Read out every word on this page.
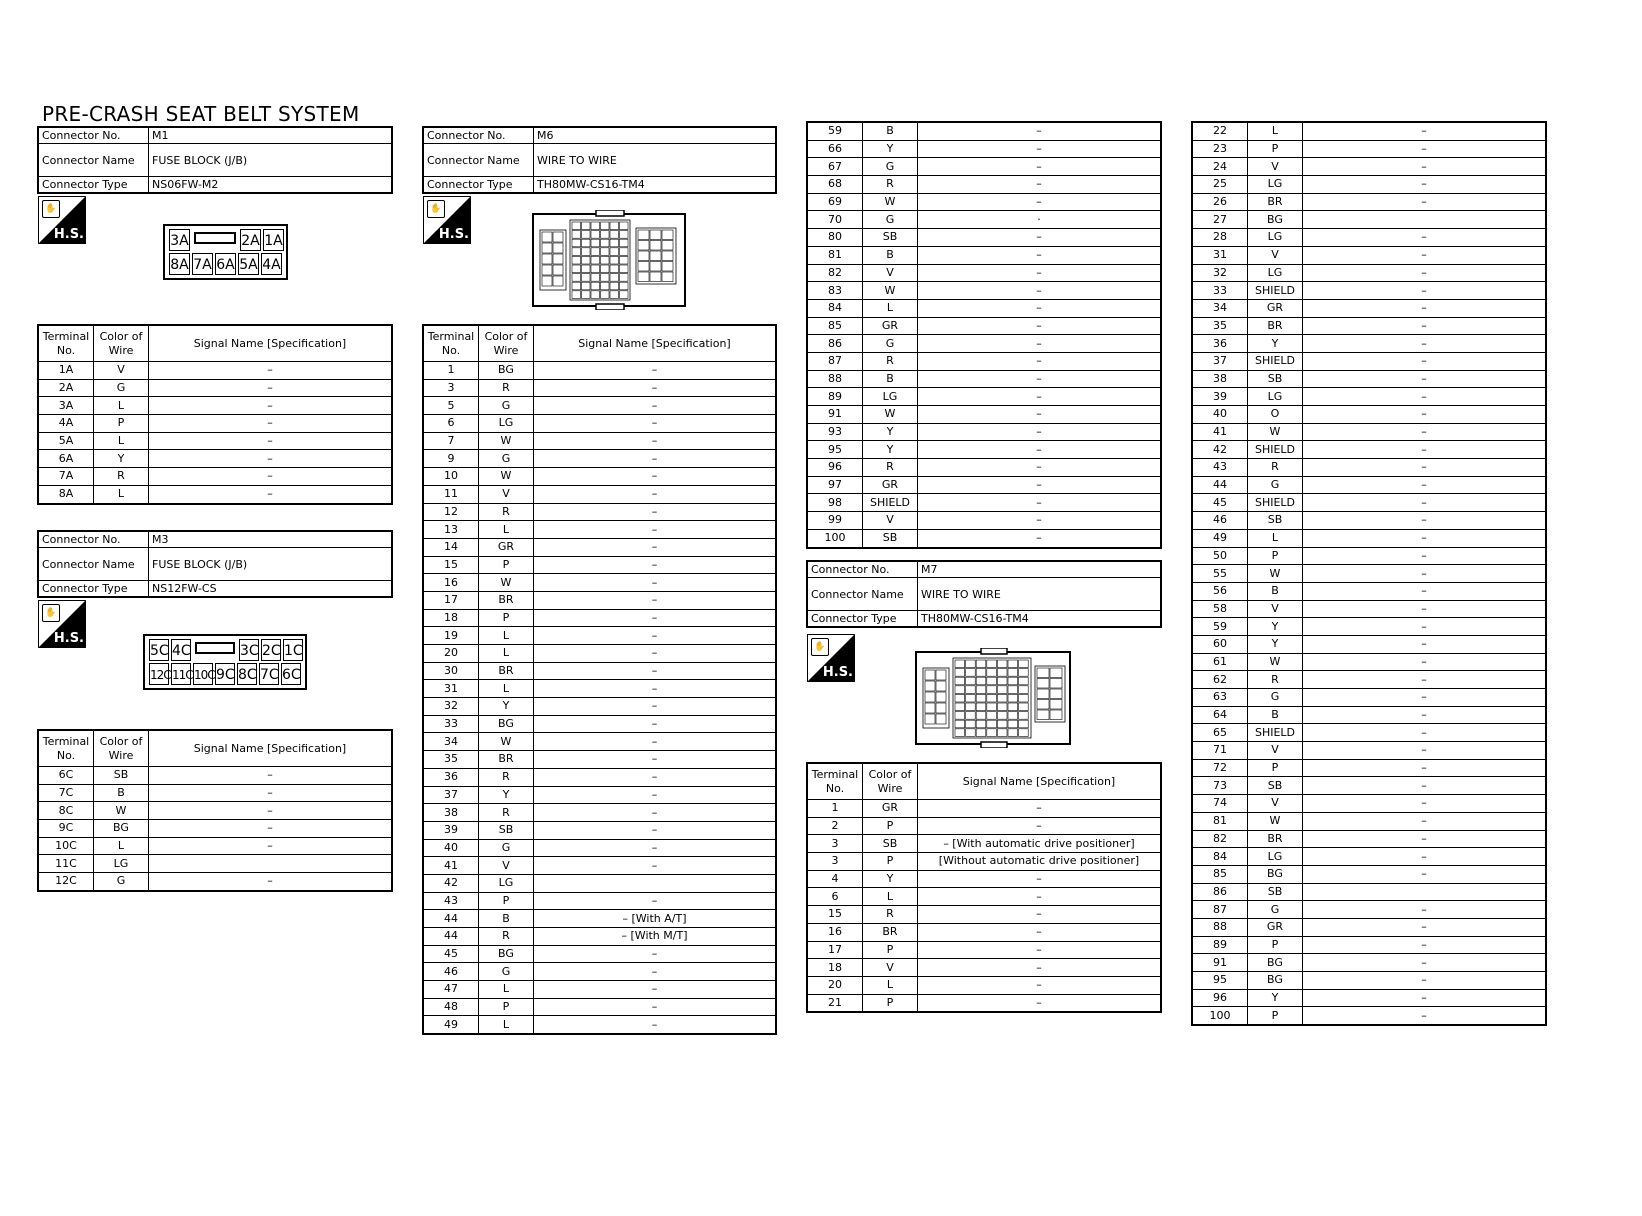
PRE-CRASH SEAT BELT SYSTEM
Connector No.	M1
Connector Name	FUSE BLOCK (J/B)
Connector Type	NS06FW-M2
✋
H.S.	3A	2A 1A
8A 7A 6A 5A 4A
Terminal No.	Color of Wire	Signal Name [Specification]
1A	V	–
2A	G	–
3A	L	–
4A	P	–
5A	L	–
6A	Y	–
7A	R	–
8A	L	–
Connector No.	M3
Connector Name	FUSE BLOCK (J/B)
Connector Type	NS12FW-CS
✋
H.S.
5C 4C	3C 2C 1C
12C 11C 10C 9C 8C 7C 6C
Terminal No.	Color of Wire	Signal Name [Specification]
6C	SB	–
7C	B	–
8C	W	–
9C	BG	–
10C	L	–
11C	LG	
12C	G	–
Connector No.	M6
Connector Name	WIRE TO WIRE
Connector Type	TH80MW-CS16-TM4
✋
H.S.
Terminal No.	Color of Wire	Signal Name [Specification]
1	BG	–
3	R	–
5	G	–
6	LG	–
7	W	–
9	G	–
10	W	–
11	V	–
12	R	–
13	L	–
14	GR	–
15	P	–
16	W	–
17	BR	–
18	P	–
19	L	–
20	L	–
30	BR	–
31	L	–
32	Y	–
33	BG	–
34	W	–
35	BR	–
36	R	–
37	Y	–
38	R	–
39	SB	–
40	G	–
41	V	–
42	LG	
43	P	–
44	B	– [With A/T]
44	R	– [With M/T]
45	BG	–
46	G	–
47	L	–
48	P	–
49	L	–
59	B	–
66	Y	–
67	G	–
68	R	–
69	W	–
70	G	·
80	SB	–
81	B	–
82	V	–
83	W	–
84	L	–
85	GR	–
86	G	–
87	R	–
88	B	–
89	LG	–
91	W	–
93	Y	–
95	Y	–
96	R	–
97	GR	–
98	SHIELD	–
99	V	–
100	SB	–
Connector No.	M7
Connector Name	WIRE TO WIRE
Connector Type	TH80MW-CS16-TM4
✋
H.S.
Terminal No.	Color of Wire	Signal Name [Specification]
1	GR	–
2	P	–
3	SB	– [With automatic drive positioner]
3	P	[Without automatic drive positioner]
4	Y	–
6	L	–
15	R	–
16	BR	–
17	P	–
18	V	–
20	L	–
21	P	–
22	L	–
23	P	–
24	V	–
25	LG	–
26	BR	–
27	BG	
28	LG	–
31	V	–
32	LG	–
33	SHIELD	–
34	GR	–
35	BR	–
36	Y	–
37	SHIELD	–
38	SB	–
39	LG	–
40	O	–
41	W	–
42	SHIELD	–
43	R	–
44	G	–
45	SHIELD	–
46	SB	–
49	L	–
50	P	–
55	W	–
56	B	–
58	V	–
59	Y	–
60	Y	–
61	W	–
62	R	–
63	G	–
64	B	–
65	SHIELD	–
71	V	–
72	P	–
73	SB	–
74	V	–
81	W	–
82	BR	–
84	LG	–
85	BG	–
86	SB	
87	G	–
88	GR	–
89	P	–
91	BG	–
95	BG	–
96	Y	–
100	P	–
